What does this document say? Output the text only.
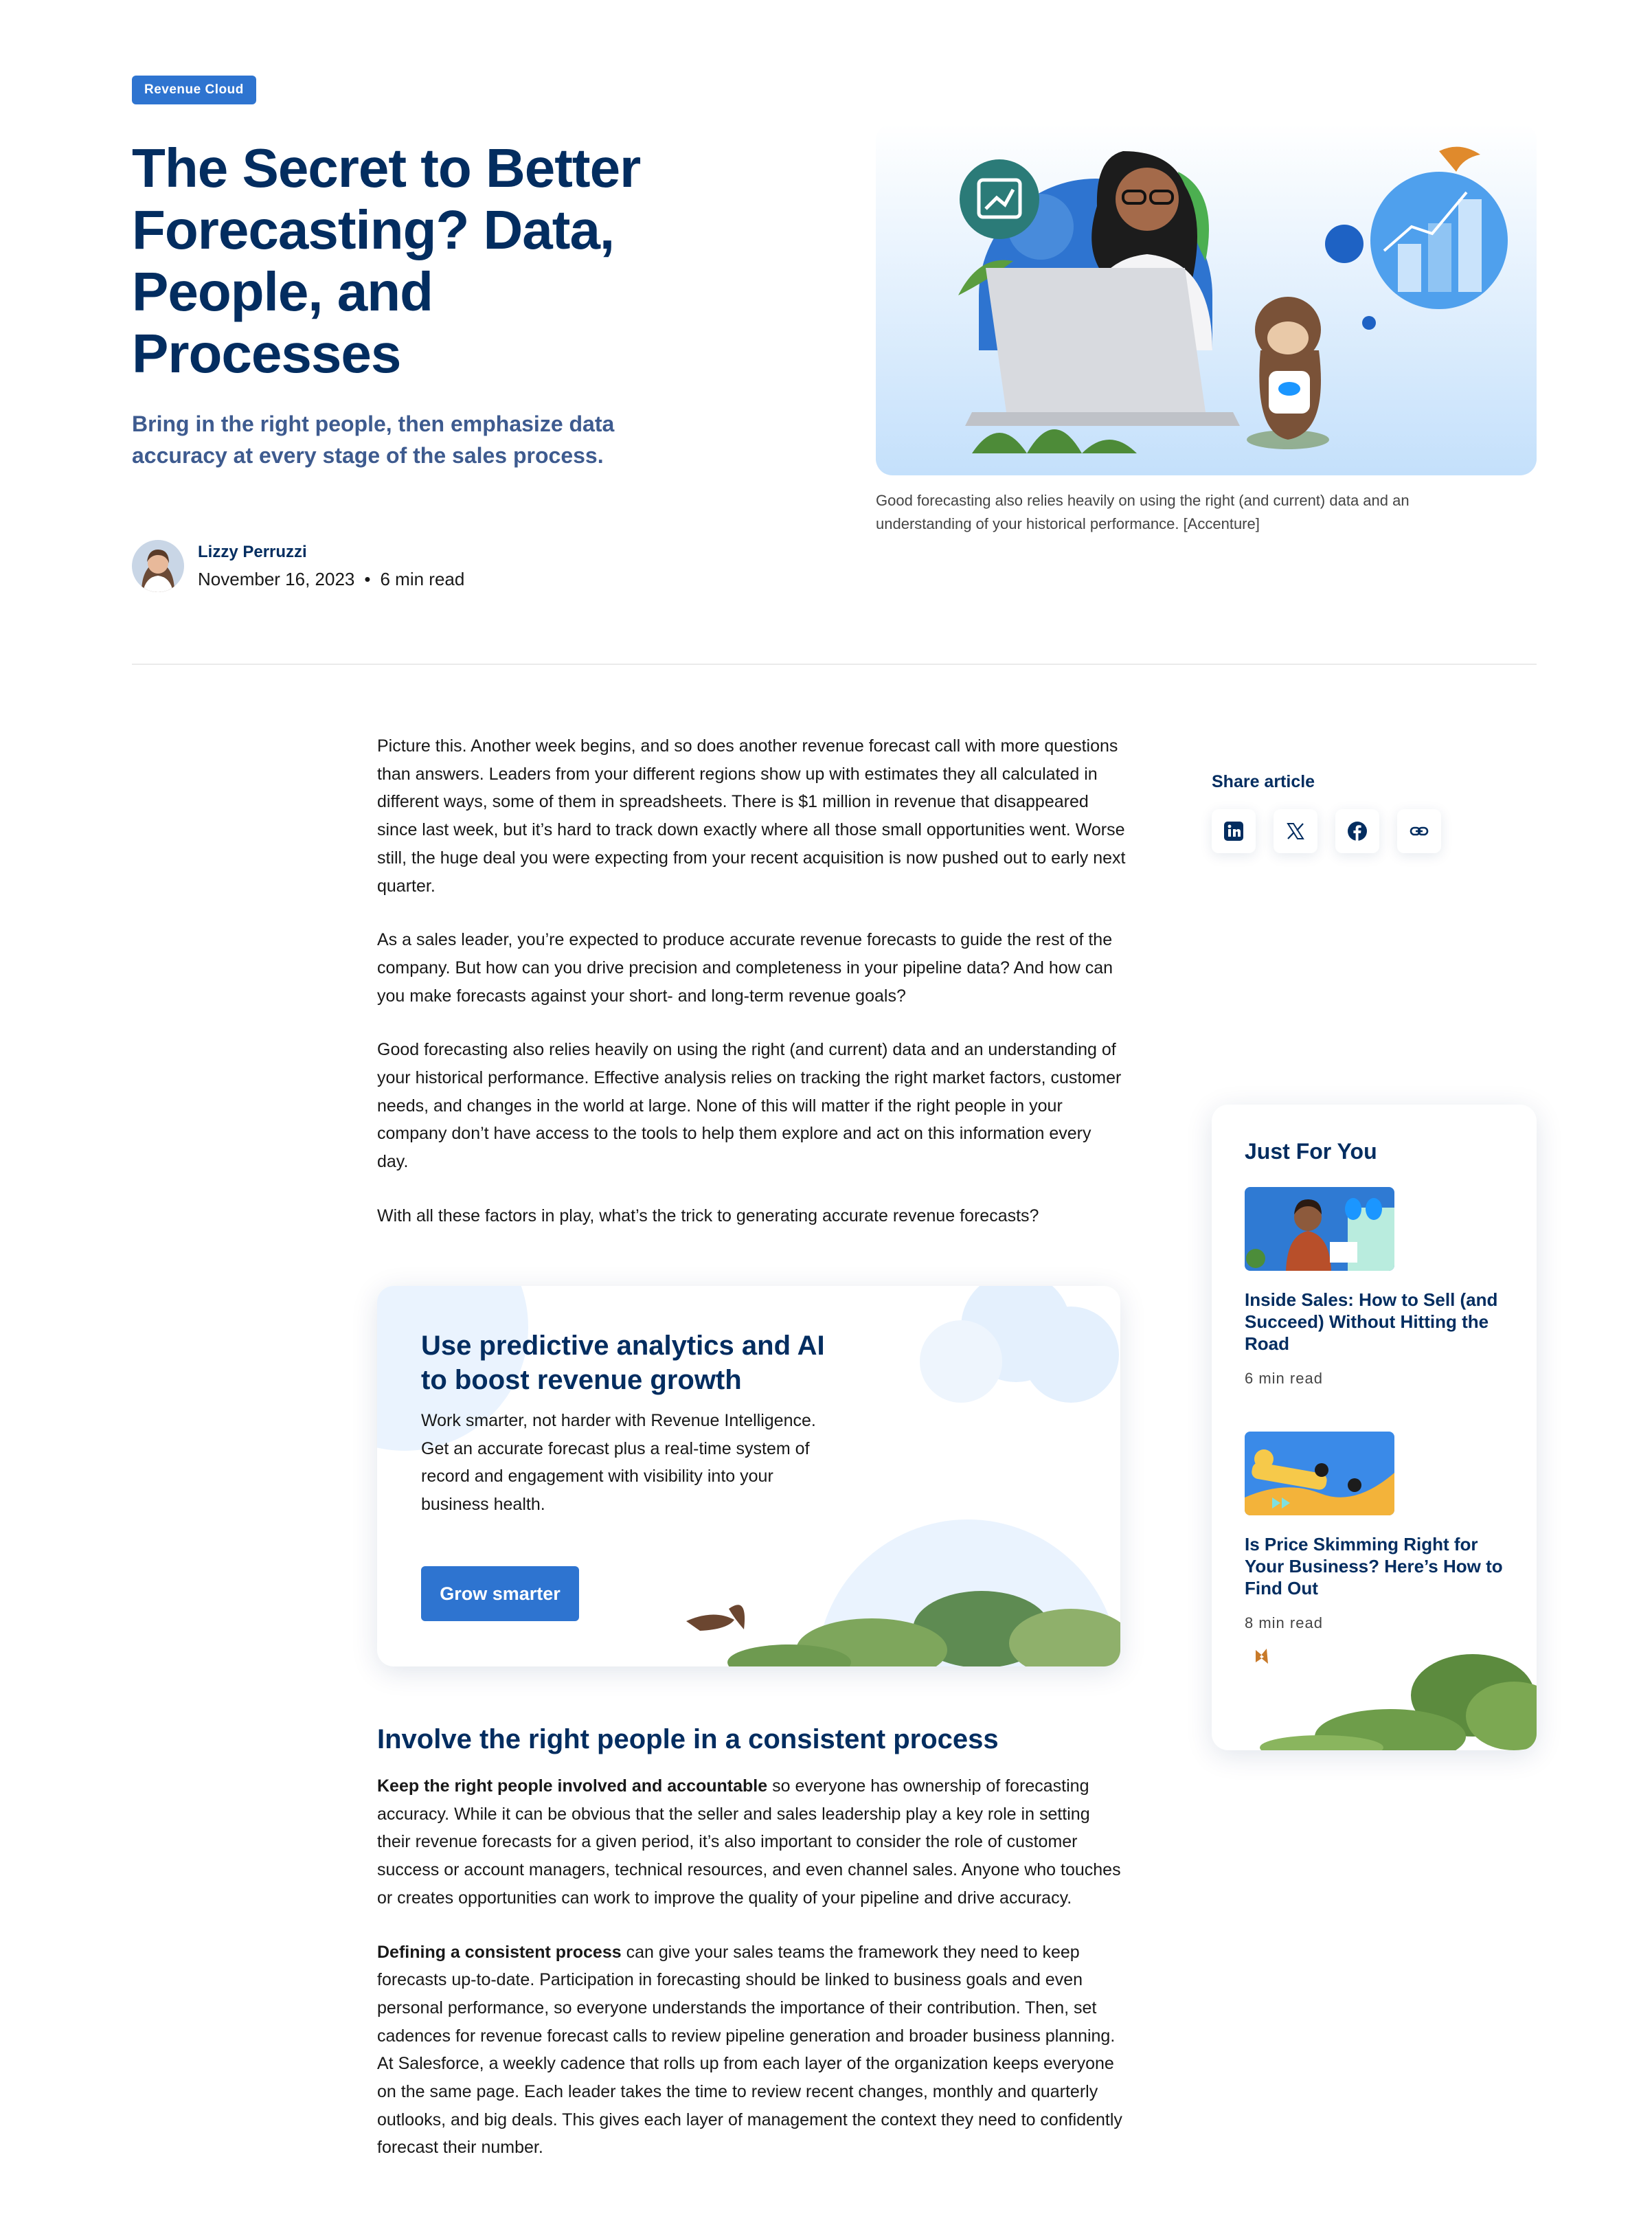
Revenue Cloud
The Secret to Better Forecasting? Data, People, and Processes
Bring in the right people, then emphasize data accuracy at every stage of the sales process.
Lizzy Perruzzi
November 16, 2023 • 6 min read
Good forecasting also relies heavily on using the right (and current) data and an understanding of your historical performance. [Accenture]

Picture this. Another week begins, and so does another revenue forecast call with more questions than answers. Leaders from your different regions show up with estimates they all calculated in different ways, some of them in spreadsheets. There is $1 million in revenue that disappeared since last week, but it’s hard to track down exactly where all those small opportunities went. Worse still, the huge deal you were expecting from your recent acquisition is now pushed out to early next quarter.

As a sales leader, you’re expected to produce accurate revenue forecasts to guide the rest of the company. But how can you drive precision and completeness in your pipeline data? And how can you make forecasts against your short- and long-term revenue goals?

Good forecasting also relies heavily on using the right (and current) data and an understanding of your historical performance. Effective analysis relies on tracking the right market factors, customer needs, and changes in the world at large. None of this will matter if the right people in your company don’t have access to the tools to help them explore and act on this information every day.

With all these factors in play, what’s the trick to generating accurate revenue forecasts?

Use predictive analytics and AI to boost revenue growth
Work smarter, not harder with Revenue Intelligence. Get an accurate forecast plus a real-time system of record and engagement with visibility into your business health.
Grow smarter
Involve the right people in a consistent process

Keep the right people involved and accountable so everyone has ownership of forecasting accuracy. While it can be obvious that the seller and sales leadership play a key role in setting their revenue forecasts for a given period, it’s also important to consider the role of customer success or account managers, technical resources, and even channel sales. Anyone who touches or creates opportunities can work to improve the quality of your pipeline and drive accuracy.

Defining a consistent process can give your sales teams the framework they need to keep forecasts up-to-date. Participation in forecasting should be linked to business goals and even personal performance, so everyone understands the importance of their contribution. Then, set cadences for revenue forecast calls to review pipeline generation and broader business planning. At Salesforce, a weekly cadence that rolls up from each layer of the organization keeps everyone on the same page. Each leader takes the time to review recent changes, monthly and quarterly outlooks, and big deals. This gives each layer of management the context they need to confidently forecast their number.

Share article
Just For You
Inside Sales: How to Sell (and Succeed) Without Hitting the Road
6 min read
Is Price Skimming Right for Your Business? Here’s How to Find Out
8 min read
